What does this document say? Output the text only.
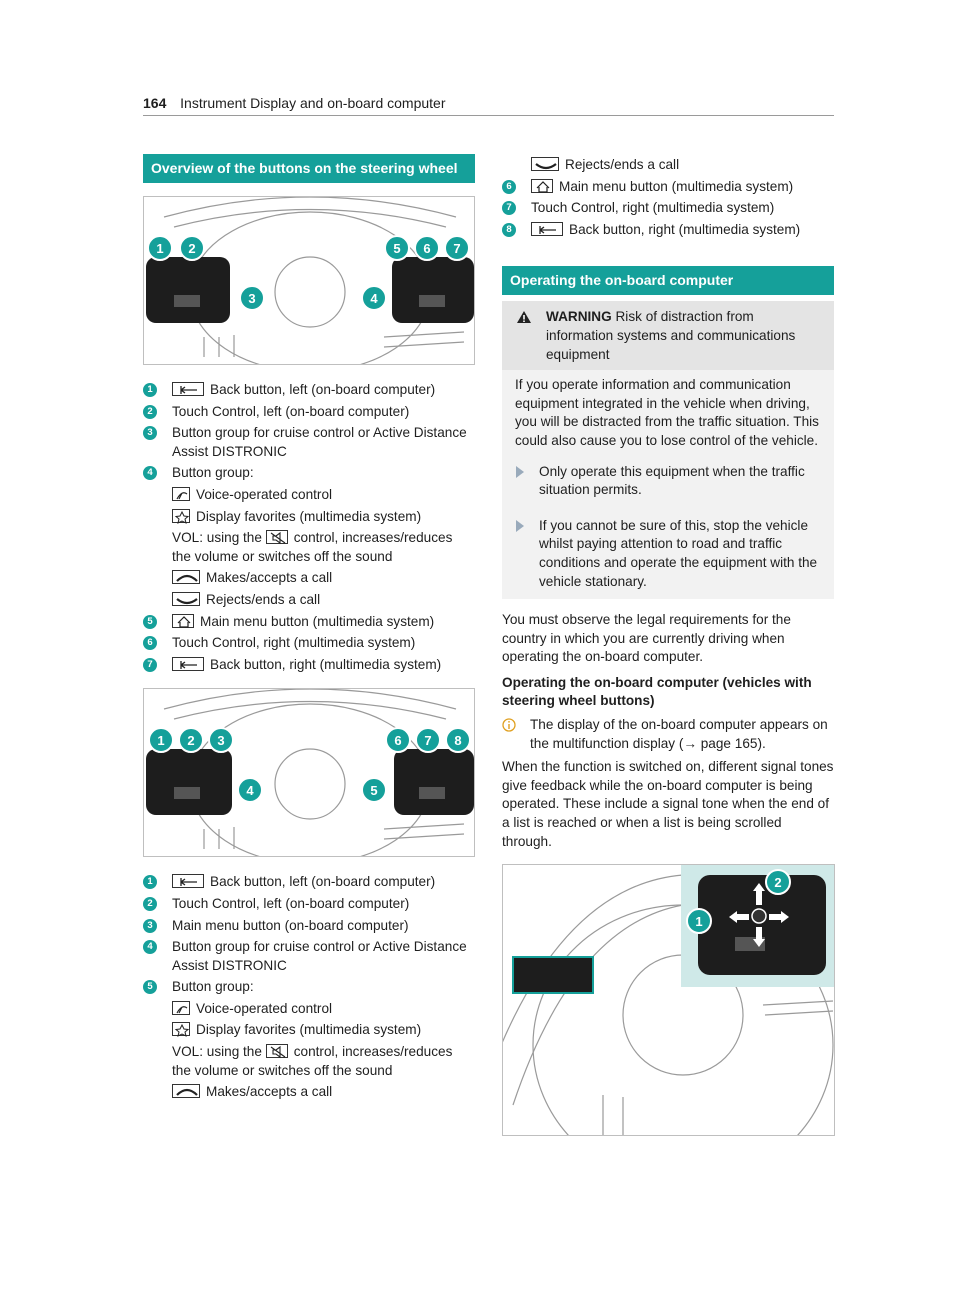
164 Instrument Display and on-board computer
Overview of the buttons on the steering wheel
1 2
3	4
5 6 7
1	Back button, left (on-board computer)
2	Touch Control, left (on-board computer)
3	Button group for cruise control or Active Distance Assist DISTRONIC
4	Button group:
Voice-operated control
Display favorites (multimedia system)
VOL: using the control, increases/reduces the volume or switches off the sound
Makes/accepts a call
Rejects/ends a call
5	Main menu button (multimedia system)
6	Touch Control, right (multimedia system)
7	Back button, right (multimedia system)
1 2 3
4	5
6 7 8
1	Back button, left (on-board computer)
2	Touch Control, left (on-board computer)
3	Main menu button (on-board computer)
4	Button group for cruise control or Active Distance Assist DISTRONIC
5	Button group:
Voice-operated control
Display favorites (multimedia system)
VOL: using the control, increases/reduces the volume or switches off the sound
Makes/accepts a call
Rejects/ends a call
6	Main menu button (multimedia system)
7	Touch Control, right (multimedia system)
8	Back button, right (multimedia system)
Operating the on-board computer
WARNING Risk of distraction from information systems and communications equipment
If you operate information and communication equipment integrated in the vehicle when driving, you will be distracted from the traffic situation. This could also cause you to lose control of the vehicle.
Only operate this equipment when the traffic situation permits.
If you cannot be sure of this, stop the vehicle whilst paying attention to road and traffic conditions and operate the equipment with the vehicle stationary.
You must observe the legal requirements for the country in which you are currently driving when operating the on-board computer.
Operating the on-board computer (vehicles with steering wheel buttons)
The display of the on-board computer appears on the multifunction display (→ page 165).
When the function is switched on, different signal tones give feedback while the on-board computer is being operated. These include a signal tone when the end of a list is reached or when a list is being scrolled through.
1
2
